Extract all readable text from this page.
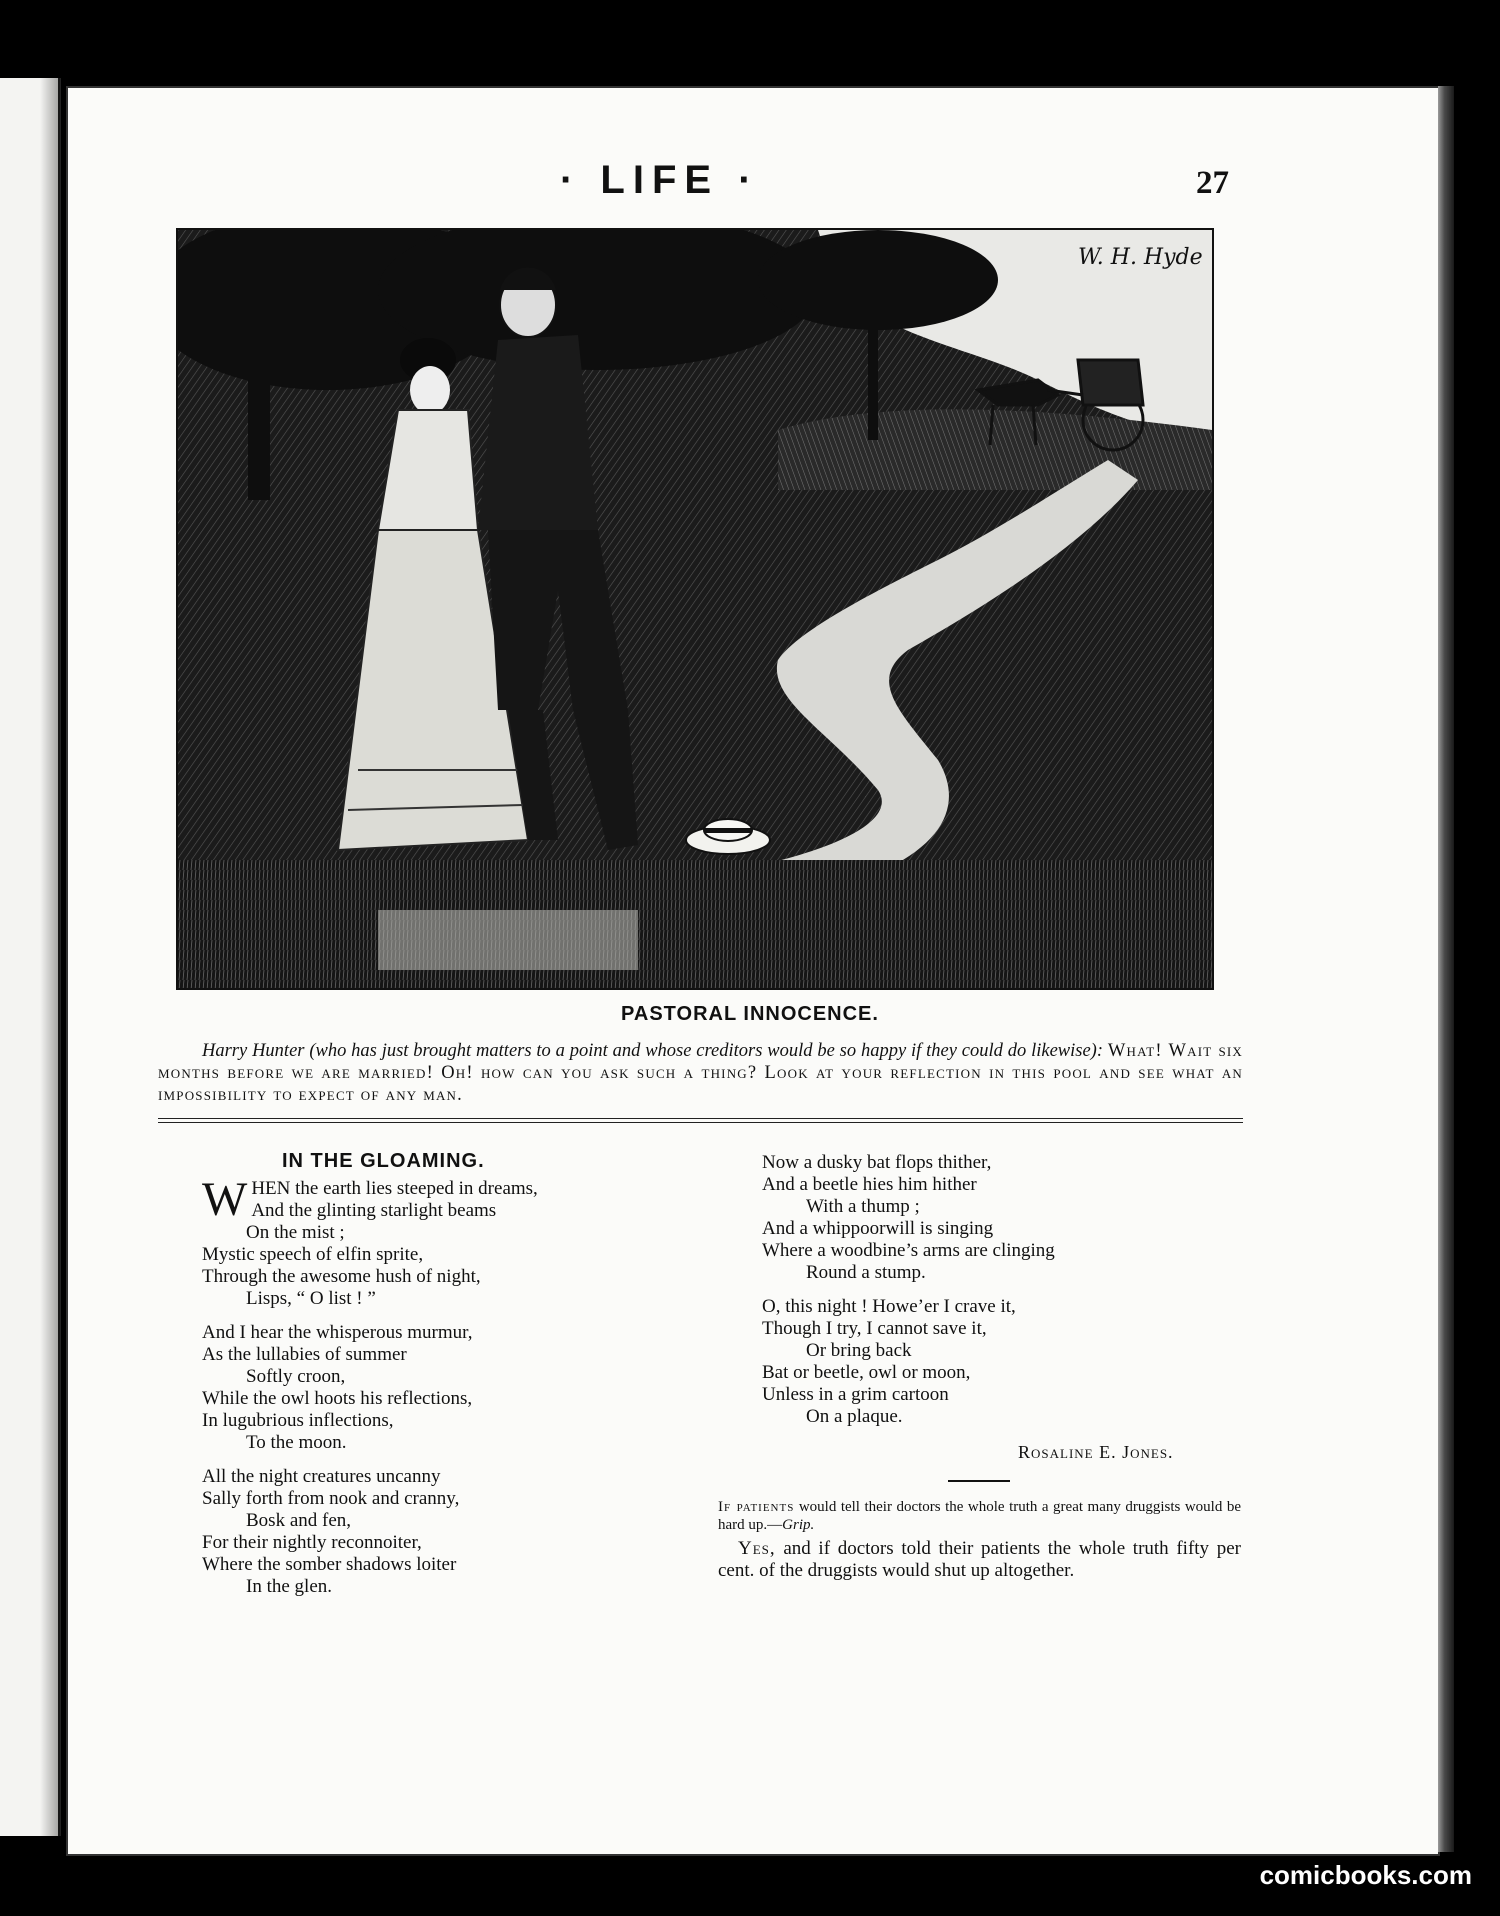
· LIFE ·	27
W. H. Hyde
PASTORAL INNOCENCE.
Harry Hunter (who has just brought matters to a point and whose creditors would be so happy if they could do likewise): What! Wait six months before we are married! Oh! how can you ask such a thing? Look at your reflection in this pool and see what an impossibility to expect of any man.
IN THE GLOAMING.
WHEN the earth lies steeped in dreams,
And the glinting starlight beams
On the mist ;
Mystic speech of elfin sprite,
Through the awesome hush of night,
Lisps, “ O list ! ”
And I hear the whisperous murmur,
As the lullabies of summer
Softly croon,
While the owl hoots his reflections,
In lugubrious inflections,
To the moon.
All the night creatures uncanny
Sally forth from nook and cranny,
Bosk and fen,
For their nightly reconnoiter,
Where the somber shadows loiter
In the glen.
Now a dusky bat flops thither,
And a beetle hies him hither
With a thump ;
And a whippoorwill is singing
Where a woodbine’s arms are clinging
Round a stump.
O, this night ! Howe’er I crave it,
Though I try, I cannot save it,
Or bring back
Bat or beetle, owl or moon,
Unless in a grim cartoon
On a plaque.
Rosaline E. Jones.
If patients would tell their doctors the whole truth a great many druggists would be hard up.—Grip.
Yes, and if doctors told their patients the whole truth fifty per cent. of the druggists would shut up altogether.
comicbooks.com
